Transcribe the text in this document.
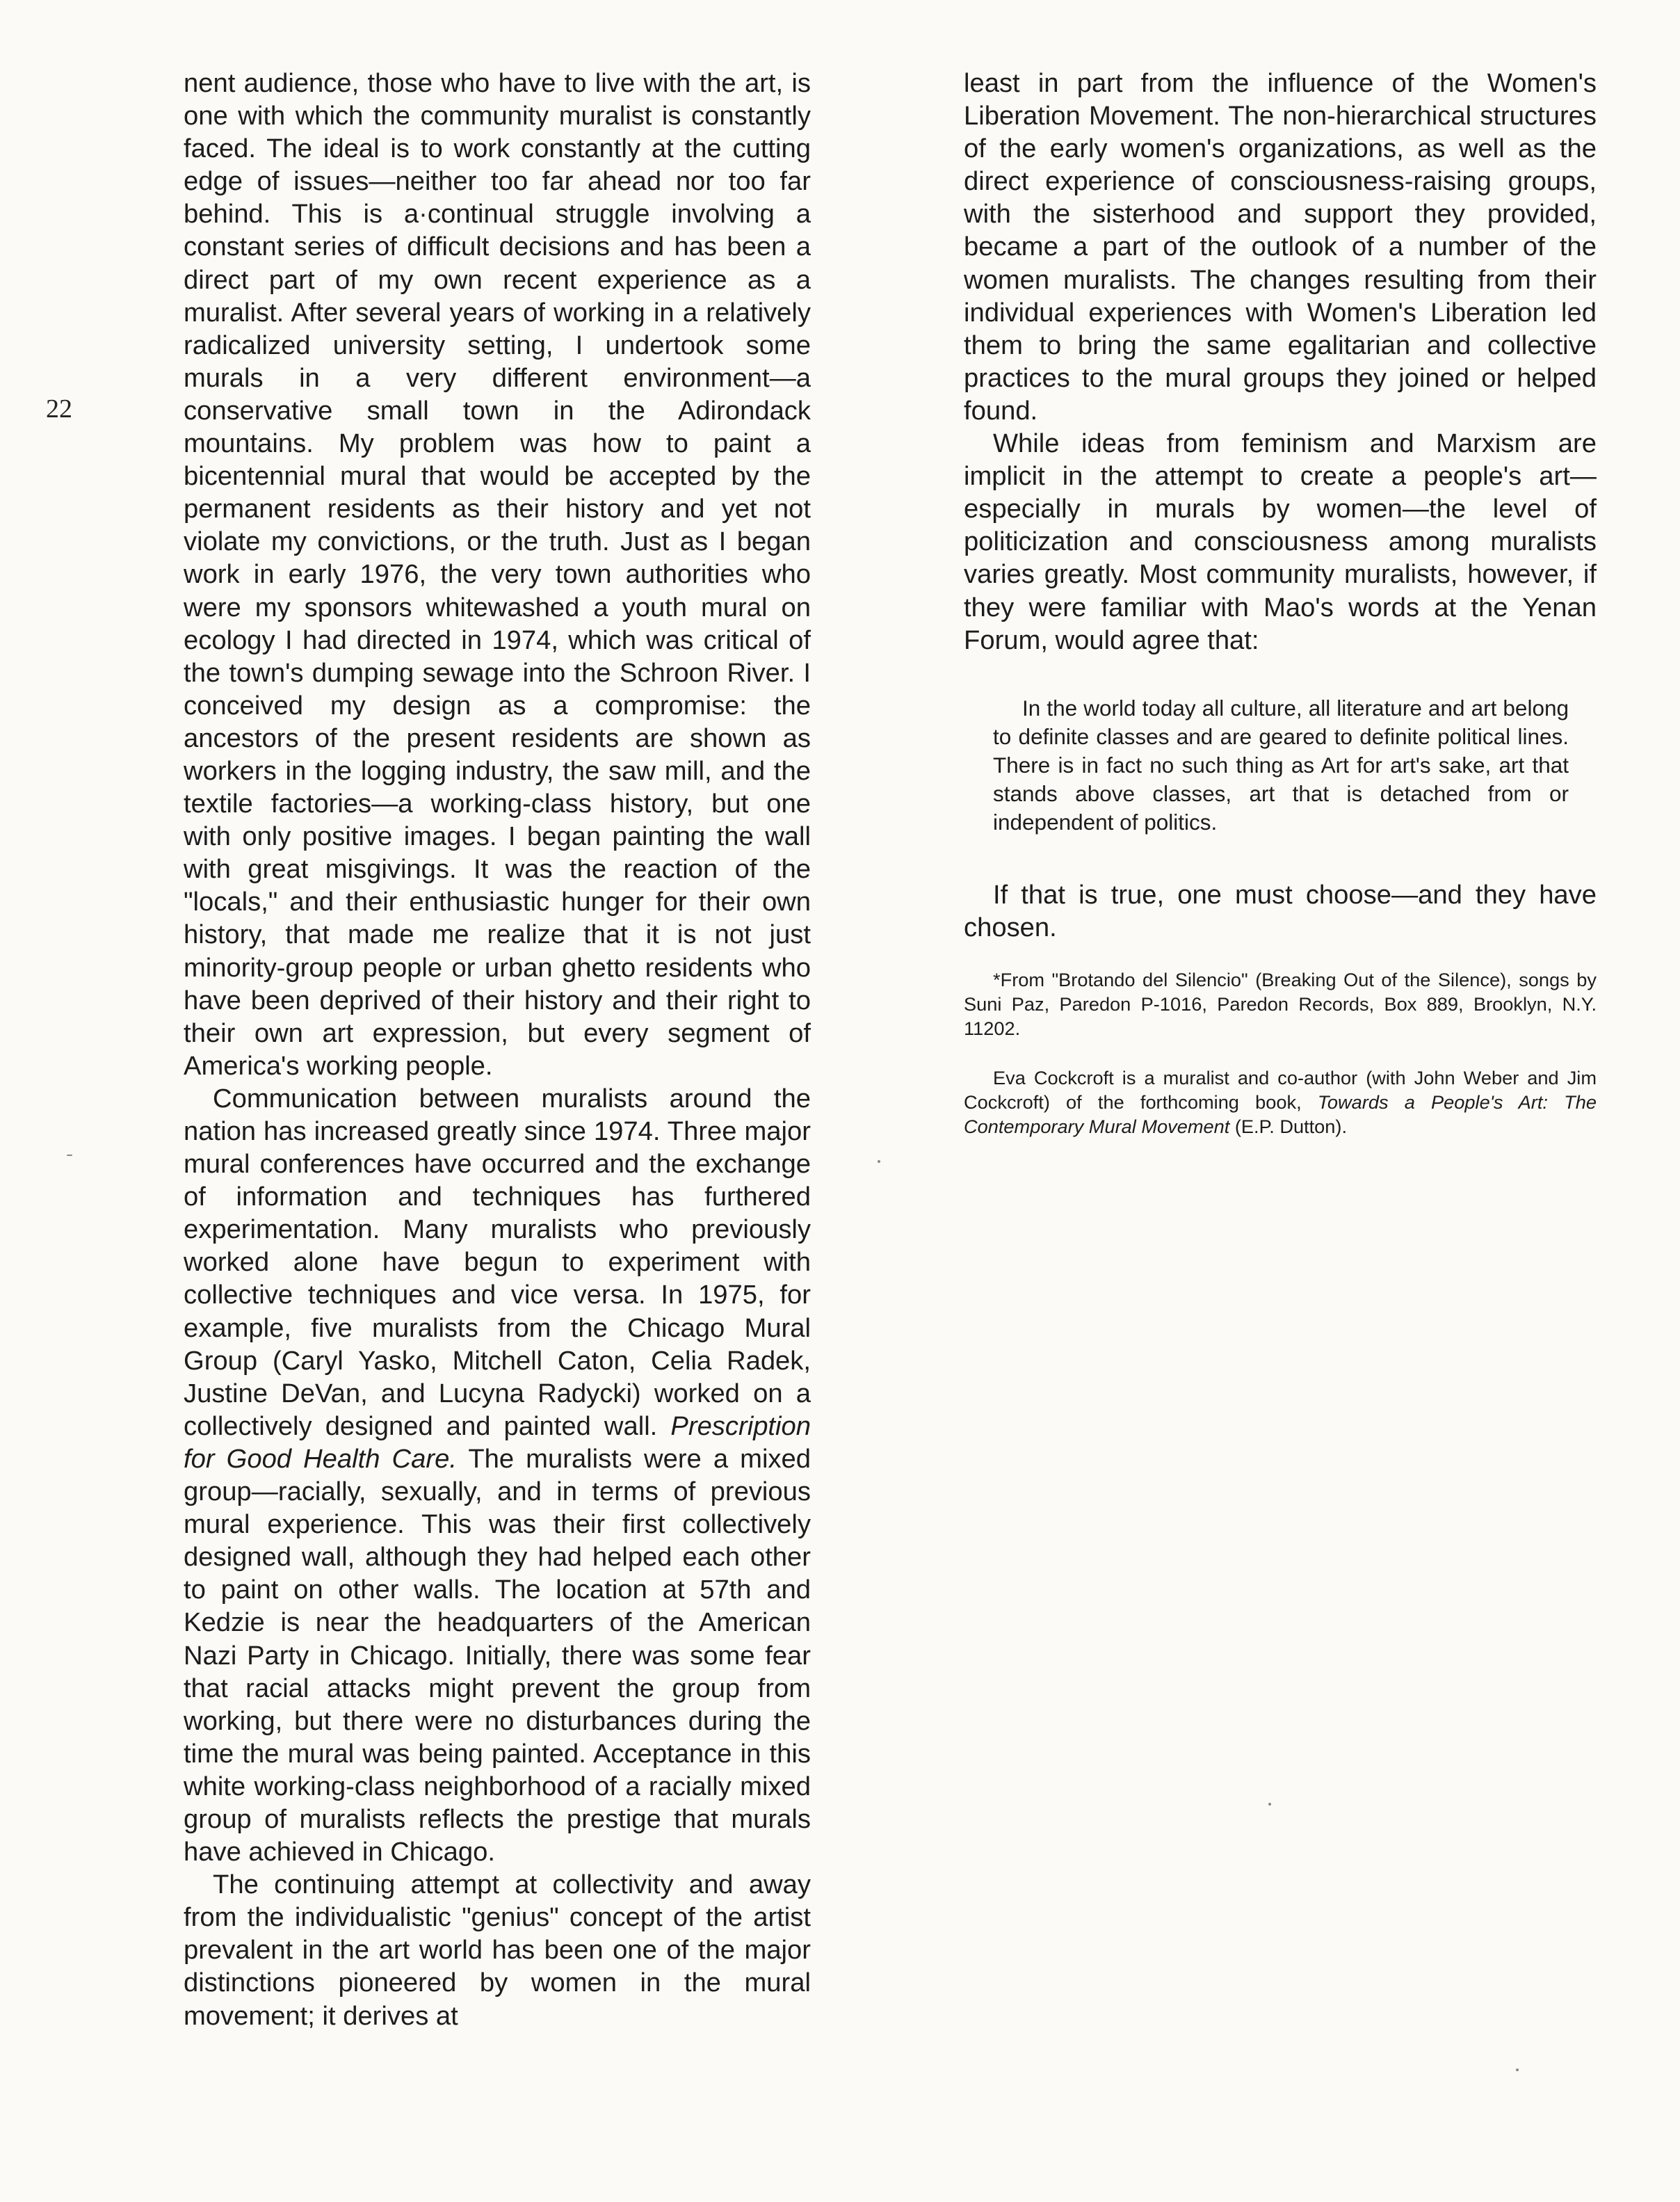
22

nent audience, those who have to live with the art, is one with which the community muralist is constantly faced. The ideal is to work constantly at the cutting edge of issues—neither too far ahead nor too far behind. This is a·continual struggle involving a constant series of difficult decisions and has been a direct part of my own recent experience as a muralist. After several years of working in a relatively radicalized university setting, I undertook some murals in a very different environment—a conservative small town in the Adirondack mountains. My problem was how to paint a bicentennial mural that would be accepted by the permanent residents as their history and yet not violate my convictions, or the truth. Just as I began work in early 1976, the very town authorities who were my sponsors whitewashed a youth mural on ecology I had directed in 1974, which was critical of the town's dumping sewage into the Schroon River. I conceived my design as a compromise: the ancestors of the present residents are shown as workers in the logging industry, the saw mill, and the textile factories—a working-class history, but one with only positive images. I began painting the wall with great misgivings. It was the reaction of the "locals," and their enthusiastic hunger for their own history, that made me realize that it is not just minority-group people or urban ghetto residents who have been deprived of their history and their right to their own art expression, but every segment of America's working people.

Communication between muralists around the nation has increased greatly since 1974. Three major mural conferences have occurred and the exchange of information and techniques has furthered experimentation. Many muralists who previously worked alone have begun to experiment with collective techniques and vice versa. In 1975, for example, five muralists from the Chicago Mural Group (Caryl Yasko, Mitchell Caton, Celia Radek, Justine DeVan, and Lucyna Radycki) worked on a collectively designed and painted wall. Prescription for Good Health Care. The muralists were a mixed group—racially, sexually, and in terms of previous mural experience. This was their first collectively designed wall, although they had helped each other to paint on other walls. The location at 57th and Kedzie is near the headquarters of the American Nazi Party in Chicago. Initially, there was some fear that racial attacks might prevent the group from working, but there were no disturbances during the time the mural was being painted. Acceptance in this white working-class neighborhood of a racially mixed group of muralists reflects the prestige that murals have achieved in Chicago.

The continuing attempt at collectivity and away from the individualistic "genius" concept of the artist prevalent in the art world has been one of the major distinctions pioneered by women in the mural movement; it derives at

least in part from the influence of the Women's Liberation Movement. The non-hierarchical structures of the early women's organizations, as well as the direct experience of consciousness-raising groups, with the sisterhood and support they provided, became a part of the outlook of a number of the women muralists. The changes resulting from their individual experiences with Women's Liberation led them to bring the same egalitarian and collective practices to the mural groups they joined or helped found.

While ideas from feminism and Marxism are implicit in the attempt to create a people's art—especially in murals by women—the level of politicization and consciousness among muralists varies greatly. Most community muralists, however, if they were familiar with Mao's words at the Yenan Forum, would agree that:

In the world today all culture, all literature and art belong to definite classes and are geared to definite political lines. There is in fact no such thing as Art for art's sake, art that stands above classes, art that is detached from or independent of politics.

If that is true, one must choose—and they have chosen.

*From "Brotando del Silencio" (Breaking Out of the Silence), songs by Suni Paz, Paredon P-1016, Paredon Records, Box 889, Brooklyn, N.Y. 11202.

Eva Cockcroft is a muralist and co-author (with John Weber and Jim Cockcroft) of the forthcoming book, Towards a People's Art: The Contemporary Mural Movement (E.P. Dutton).
